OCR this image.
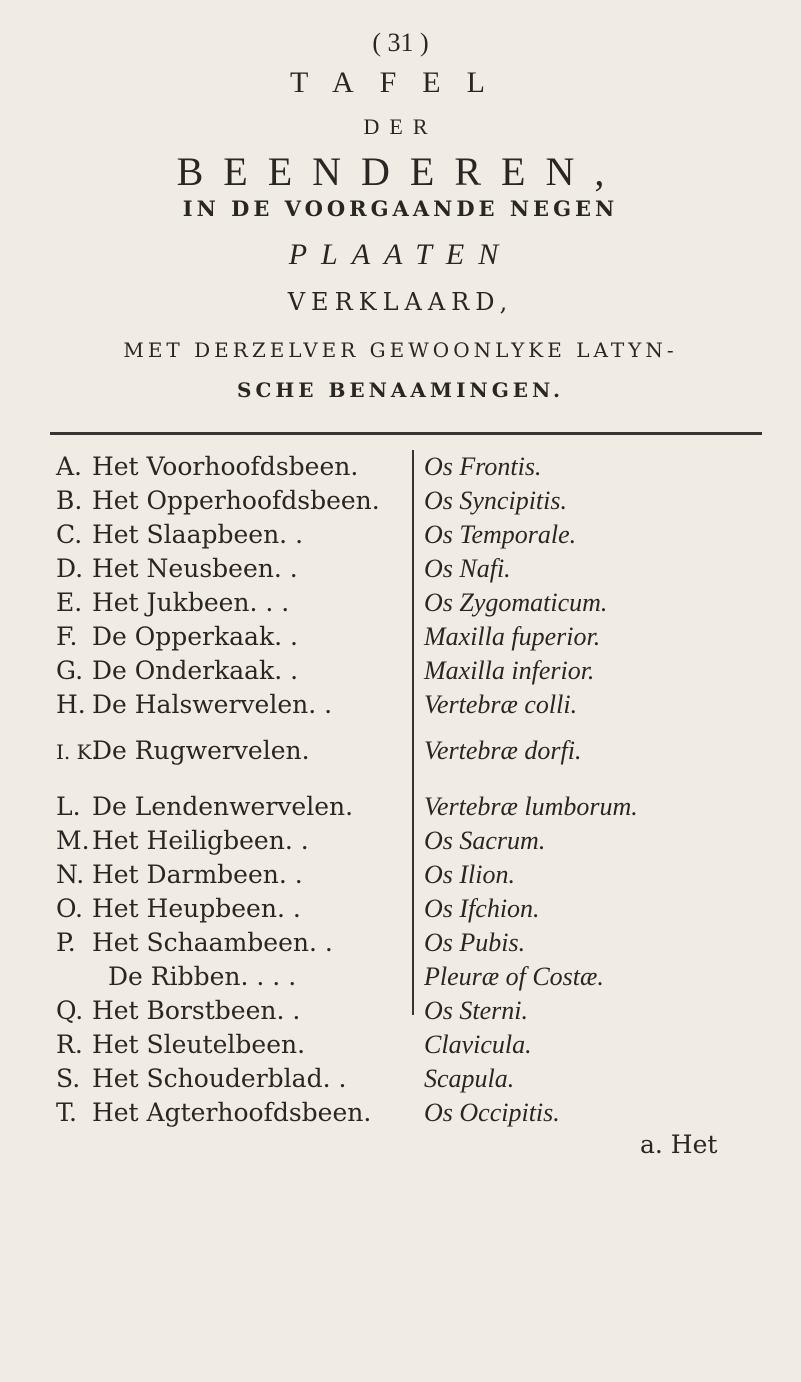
( 31 )
TAFEL
DER
BEENDEREN,
IN DE VOORGAANDE NEGEN
PLAATEN
VERKLAARD,
MET DERZELVER GEWOONLYKE LATYN-
SCHE BENAAMINGEN.
A. Het Voorhoofdsbeen.	Os Frontis.
B. Het Opperhoofdsbeen. Os Syncipitis.
C. Het Slaapbeen. .	Os Temporale.
D. Het Neusbeen. .	Os Nafi.
E. Het Jukbeen. . .	Os Zygomaticum.
F. De Opperkaak. .	Maxilla fuperior.
G. De Onderkaak. .	Maxilla inferior.
H. De Halswervelen. .	Vertebræ colli.
I. K. De Rugwervelen.	Vertebræ dorfi.
L. De Lendenwervelen.	Vertebræ lumborum.
M. Het Heiligbeen. .	Os Sacrum.
N. Het Darmbeen. .	Os Ilion.
O. Het Heupbeen. .	Os Ifchion.
P. Het Schaambeen. .	Os Pubis.
De Ribben. . . .	Pleuræ of Costæ.
Q. Het Borstbeen. .	Os Sterni.
R. Het Sleutelbeen.	Clavicula.
S. Het Schouderblad. .	Scapula.
T. Het Agterhoofdsbeen. Os Occipitis.
a. Het
